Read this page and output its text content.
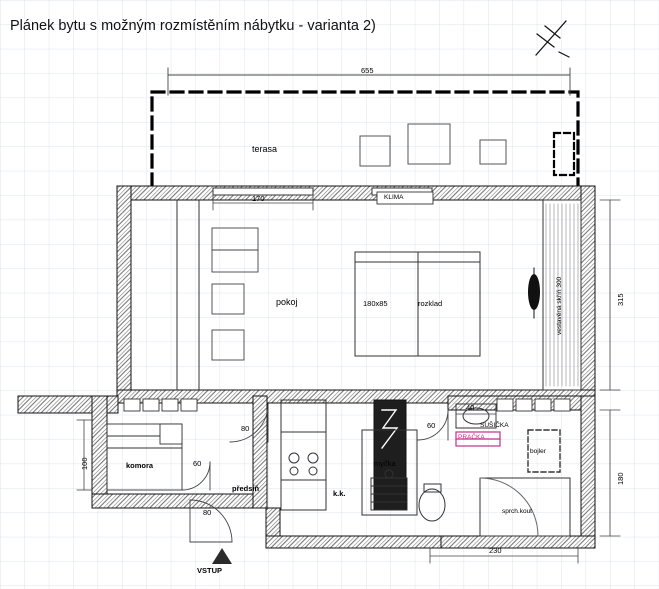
Plánek bytu s možným rozmístěním nábytku - varianta 2)
terasa
pokoj
komora
předsíň
k.k.
myčka
sprch.kout
bojler
KLIMA
PRAČKA
SUŠIČKA
180x85	rozklad	vestavěná skříň 300
VSTUP
655
170
315
180
230
100
80
80
60
60
40
